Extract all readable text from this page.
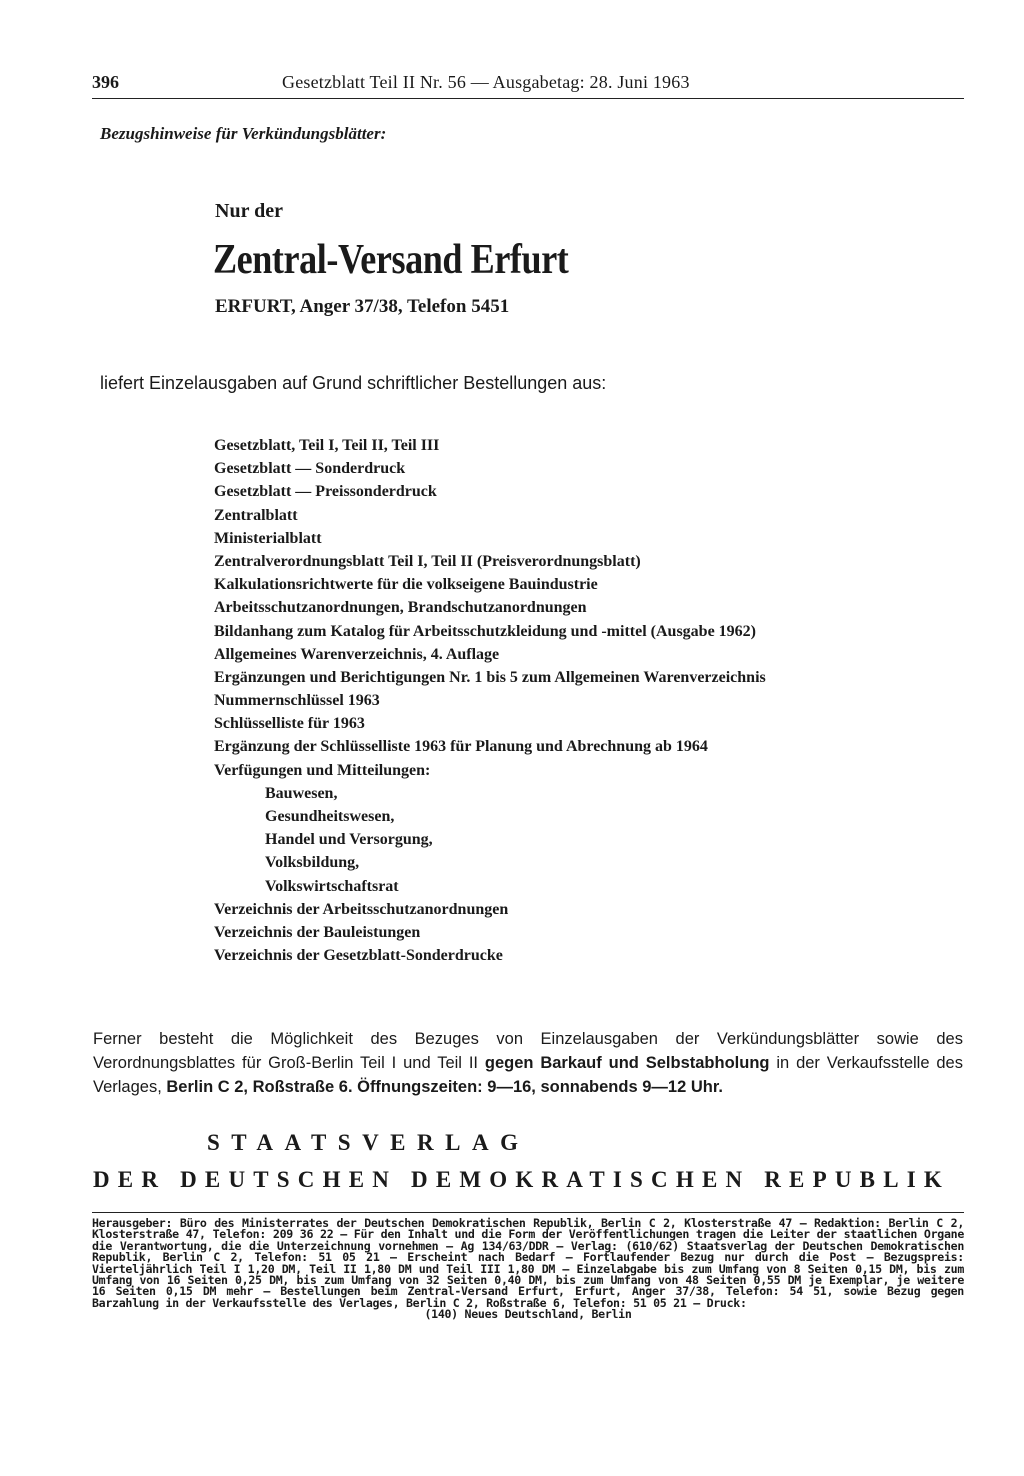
396	Gesetzblatt Teil II Nr. 56 — Ausgabetag: 28. Juni 1963
Bezugshinweise für Verkündungsblätter:
Nur der
Zentral-Versand Erfurt
ERFURT, Anger 37/38, Telefon 5451
liefert Einzelausgaben auf Grund schriftlicher Bestellungen aus:
Gesetzblatt, Teil I, Teil II, Teil III
Gesetzblatt — Sonderdruck
Gesetzblatt — Preissonderdruck
Zentralblatt
Ministerialblatt
Zentralverordnungsblatt Teil I, Teil II (Preisverordnungsblatt)
Kalkulationsrichtwerte für die volkseigene Bauindustrie
Arbeitsschutzanordnungen, Brandschutzanordnungen
Bildanhang zum Katalog für Arbeitsschutzkleidung und -mittel (Ausgabe 1962)
Allgemeines Warenverzeichnis, 4. Auflage
Ergänzungen und Berichtigungen Nr. 1 bis 5 zum Allgemeinen Warenverzeichnis
Nummernschlüssel 1963
Schlüsselliste für 1963
Ergänzung der Schlüsselliste 1963 für Planung und Abrechnung ab 1964
Verfügungen und Mitteilungen:
Bauwesen,
Gesundheitswesen,
Handel und Versorgung,
Volksbildung,
Volkswirtschaftsrat
Verzeichnis der Arbeitsschutzanordnungen
Verzeichnis der Bauleistungen
Verzeichnis der Gesetzblatt-Sonderdrucke

Ferner besteht die Möglichkeit des Bezuges von Einzelausgaben der Verkündungsblätter sowie des Verordnungsblattes für Groß-Berlin Teil I und Teil II gegen Barkauf und Selbstabholung in der Verkaufsstelle des Verlages, Berlin C 2, Roßstraße 6. Öffnungszeiten: 9—16, sonnabends 9—12 Uhr.

STAATSVERLAG
DER DEUTSCHEN DEMOKRATISCHEN REPUBLIK
Herausgeber: Büro des Ministerrates der Deutschen Demokratischen Republik, Berlin C 2, Klosterstraße 47 – Redaktion: Berlin C 2, Klosterstraße 47, Telefon: 209 36 22 – Für den Inhalt und die Form der Veröffentlichungen tragen die Leiter der staatlichen Organe die Verantwortung, die die Unterzeichnung vornehmen – Ag 134/63/DDR – Verlag: (610/62) Staatsverlag der Deutschen Demokratischen Republik, Berlin C 2, Telefon: 51 05 21 – Erscheint nach Bedarf – Fortlaufender Bezug nur durch die Post – Bezugspreis: Vierteljährlich Teil I 1,20 DM, Teil II 1,80 DM und Teil III 1,80 DM – Einzelabgabe bis zum Umfang von 8 Seiten 0,15 DM, bis zum Umfang von 16 Seiten 0,25 DM, bis zum Umfang von 32 Seiten 0,40 DM, bis zum Umfang von 48 Seiten 0,55 DM je Exemplar, je weitere 16 Seiten 0,15 DM mehr – Bestellungen beim Zentral-Versand Erfurt, Erfurt, Anger 37/38, Telefon: 54 51, sowie Bezug gegen Barzahlung in der Verkaufsstelle des Verlages, Berlin C 2, Roßstraße 6, Telefon: 51 05 21 – Druck:
(140) Neues Deutschland, Berlin
